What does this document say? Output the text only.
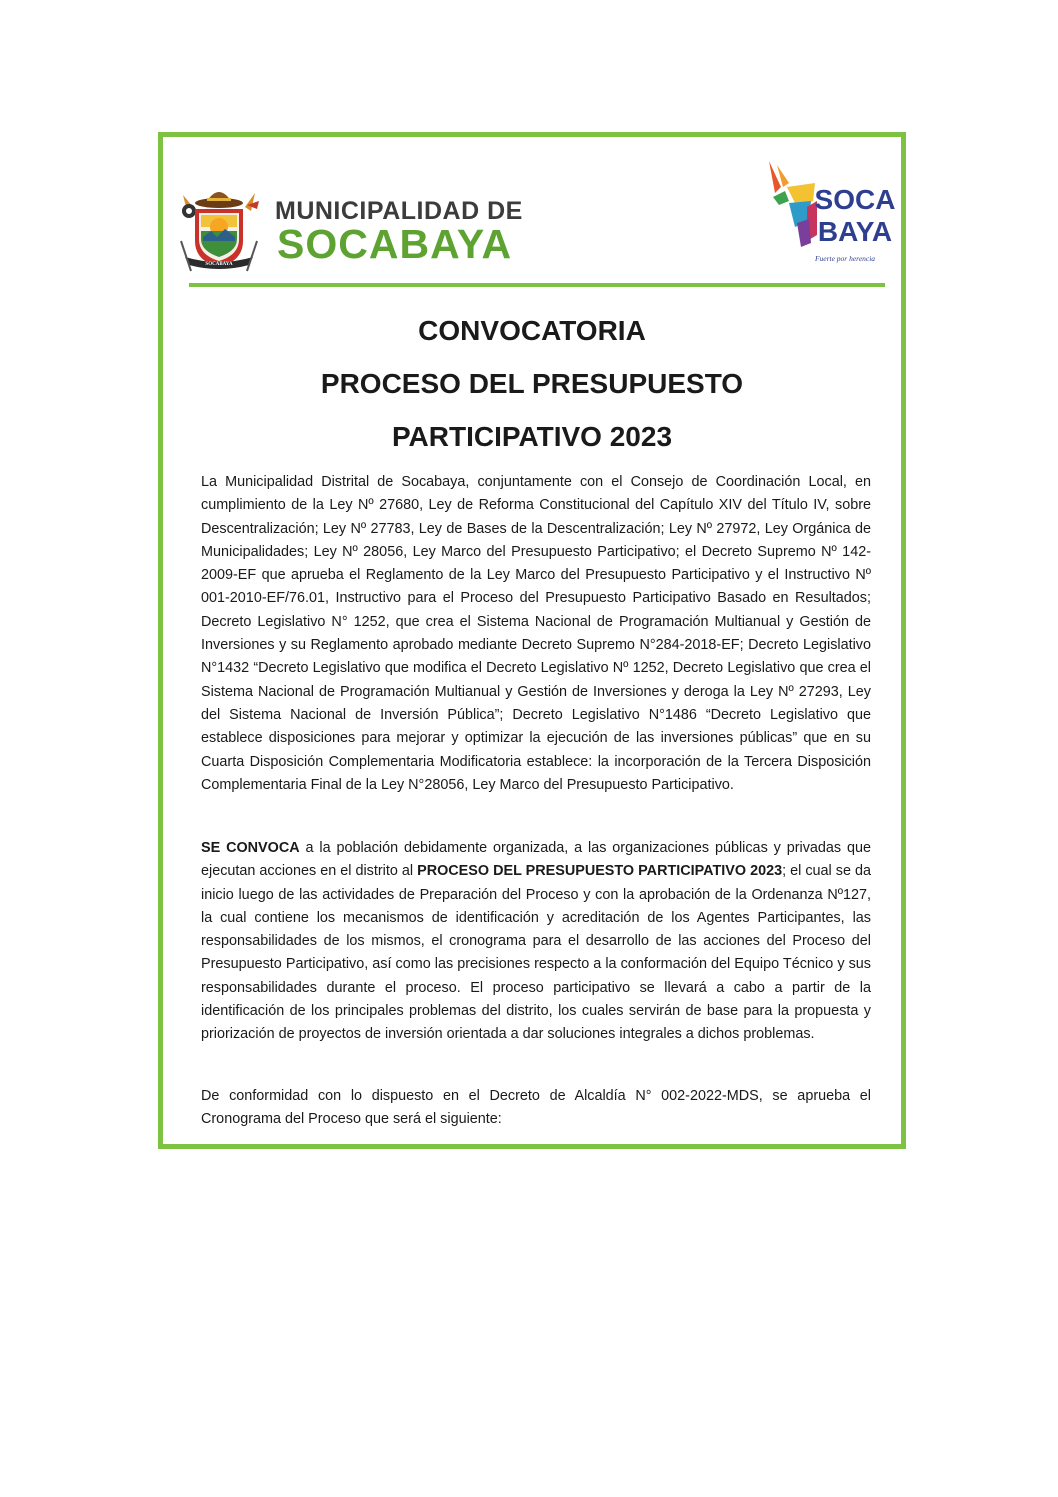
SOCABAYA
MUNICIPALIDAD DE
SOCABAYA
SOCA
BAYA
Fuerte por herencia
CONVOCATORIA
PROCESO DEL PRESUPUESTO
PARTICIPATIVO 2023

La Municipalidad Distrital de Socabaya, conjuntamente con el Consejo de Coordinación Local, en cumplimiento de la Ley Nº 27680, Ley de Reforma Constitucional del Capítulo XIV del Título IV, sobre Descentralización; Ley Nº 27783, Ley de Bases de la Descentralización; Ley Nº 27972, Ley Orgánica de Municipalidades; Ley Nº 28056, Ley Marco del Presupuesto Participativo; el Decreto Supremo Nº 142-2009-EF que aprueba el Reglamento de la Ley Marco del Presupuesto Participativo y el Instructivo Nº 001-2010-EF/76.01, Instructivo para el Proceso del Presupuesto Participativo Basado en Resultados; Decreto Legislativo N° 1252, que crea el Sistema Nacional de Programación Multianual y Gestión de Inversiones y su Reglamento aprobado mediante Decreto Supremo N°284-2018-EF; Decreto Legislativo N°1432 “Decreto Legislativo que modifica el Decreto Legislativo Nº 1252, Decreto Legislativo que crea el Sistema Nacional de Programación Multianual y Gestión de Inversiones y deroga la Ley Nº 27293, Ley del Sistema Nacional de Inversión Pública”; Decreto Legislativo N°1486 “Decreto Legislativo que establece disposiciones para mejorar y optimizar la ejecución de las inversiones públicas” que en su Cuarta Disposición Complementaria Modificatoria establece: la incorporación de la Tercera Disposición Complementaria Final de la Ley N°28056, Ley Marco del Presupuesto Participativo.

SE CONVOCA a la población debidamente organizada, a las organizaciones públicas y privadas que ejecutan acciones en el distrito al PROCESO DEL PRESUPUESTO PARTICIPATIVO 2023; el cual se da inicio luego de las actividades de Preparación del Proceso y con la aprobación de la Ordenanza Nº127, la cual contiene los mecanismos de identificación y acreditación de los Agentes Participantes, las responsabilidades de los mismos, el cronograma para el desarrollo de las acciones del Proceso del Presupuesto Participativo, así como las precisiones respecto a la conformación del Equipo Técnico y sus responsabilidades durante el proceso. El proceso participativo se llevará a cabo a partir de la identificación de los principales problemas del distrito, los cuales servirán de base para la propuesta y priorización de proyectos de inversión orientada a dar soluciones integrales a dichos problemas.

De conformidad con lo dispuesto en el Decreto de Alcaldía N° 002-2022-MDS, se aprueba el Cronograma del Proceso que será el siguiente:
